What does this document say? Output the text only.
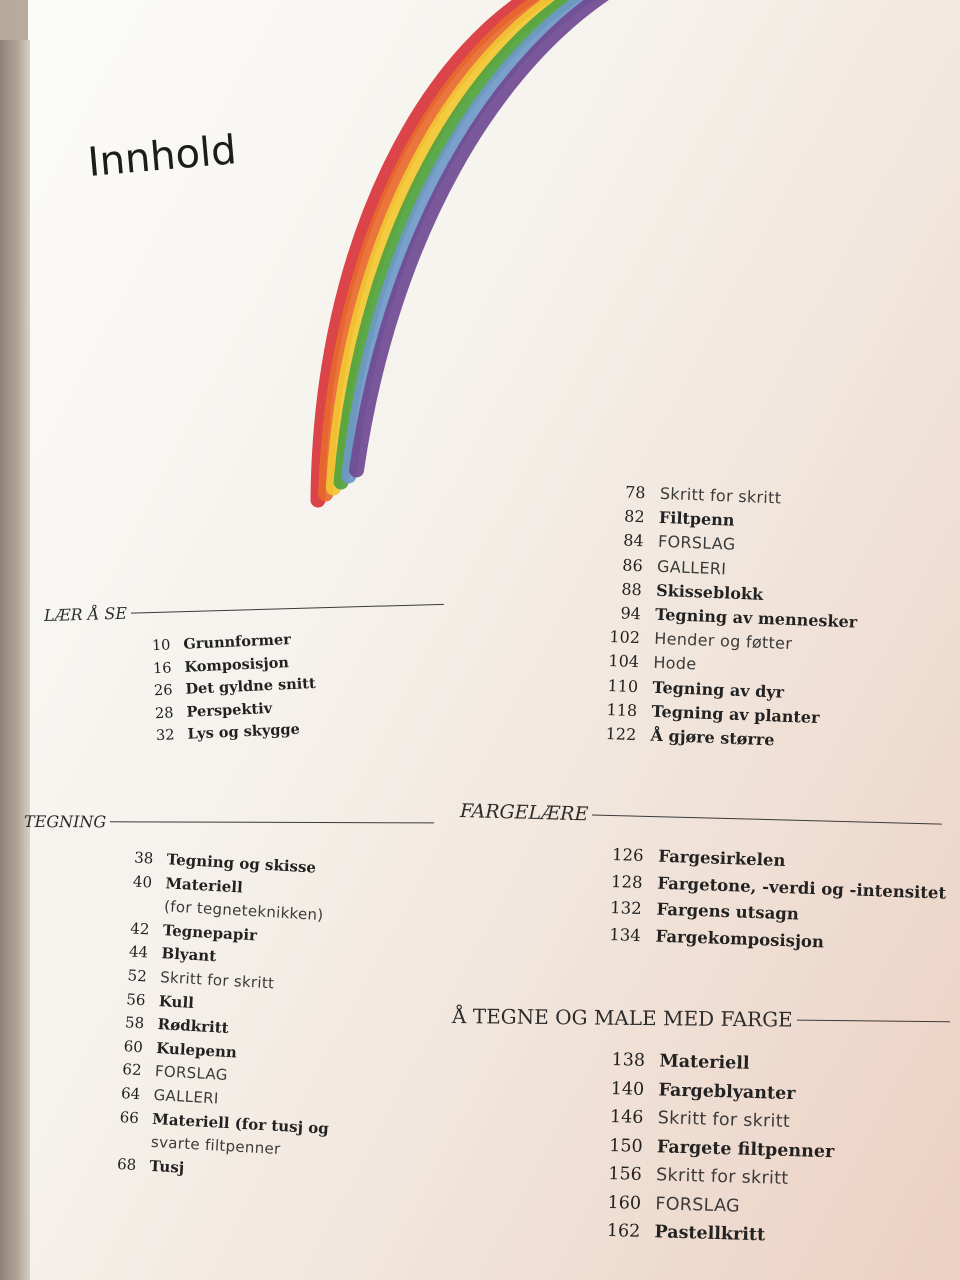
Innhold
LÆR Å SE
10 Grunnformer
16 Komposisjon
26 Det gyldne snitt
28 Perspektiv
32 Lys og skygge
TEGNING
38 Tegning og skisse
40 Materiell
(for tegneteknikken)
42 Tegnepapir
44 Blyant
52 Skritt for skritt
56 Kull
58 Rødkritt
60 Kulepenn
62 FORSLAG
64 GALLERI
66 Materiell (for tusj og
svarte filtpenner
68 Tusj
78 Skritt for skritt
82 Filtpenn
84 FORSLAG
86 GALLERI
88 Skisseblokk
94 Tegning av mennesker
102 Hender og føtter
104 Hode
110 Tegning av dyr
118 Tegning av planter
122 Å gjøre større
FARGELÆRE
126 Fargesirkelen
128 Fargetone, -verdi og -intensitet
132 Fargens utsagn
134 Fargekomposisjon
Å TEGNE OG MALE MED FARGE
138 Materiell
140 Fargeblyanter
146 Skritt for skritt
150 Fargete filtpenner
156 Skritt for skritt
160 FORSLAG
162 Pastellkritt
